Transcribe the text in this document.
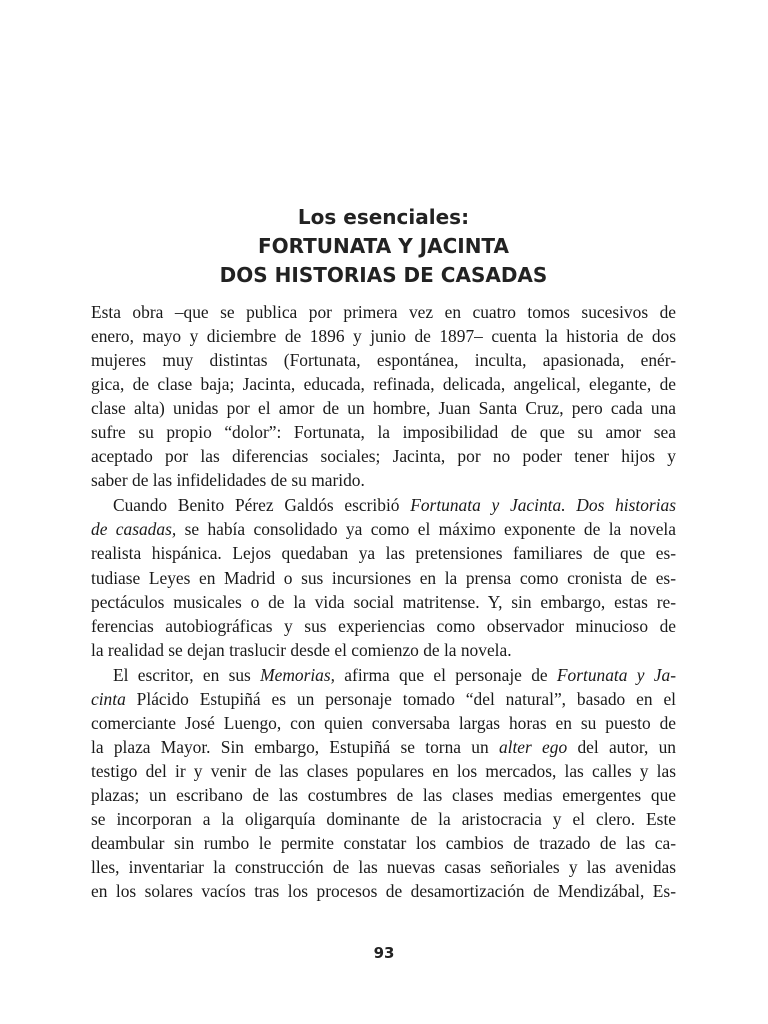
Los esenciales:
FORTUNATA Y JACINTA
DOS HISTORIAS DE CASADAS

Esta obra –que se publica por primera vez en cuatro tomos sucesivos de
enero, mayo y diciembre de 1896 y junio de 1897– cuenta la historia de dos
mujeres muy distintas (Fortunata, espontánea, inculta, apasionada, enér-
gica, de clase baja; Jacinta, educada, refinada, delicada, angelical, elegante, de
clase alta) unidas por el amor de un hombre, Juan Santa Cruz, pero cada una
sufre su propio “dolor”: Fortunata, la imposibilidad de que su amor sea
aceptado por las diferencias sociales; Jacinta, por no poder tener hijos y
saber de las infidelidades de su marido.

Cuando Benito Pérez Galdós escribió Fortunata y Jacinta. Dos historias
de casadas, se había consolidado ya como el máximo exponente de la novela
realista hispánica. Lejos quedaban ya las pretensiones familiares de que es-
tudiase Leyes en Madrid o sus incursiones en la prensa como cronista de es-
pectáculos musicales o de la vida social matritense. Y, sin embargo, estas re-
ferencias autobiográficas y sus experiencias como observador minucioso de
la realidad se dejan traslucir desde el comienzo de la novela.

El escritor, en sus Memorias, afirma que el personaje de Fortunata y Ja-
cinta Plácido Estupiñá es un personaje tomado “del natural”, basado en el
comerciante José Luengo, con quien conversaba largas horas en su puesto de
la plaza Mayor. Sin embargo, Estupiñá se torna un alter ego del autor, un
testigo del ir y venir de las clases populares en los mercados, las calles y las
plazas; un escribano de las costumbres de las clases medias emergentes que
se incorporan a la oligarquía dominante de la aristocracia y el clero. Este
deambular sin rumbo le permite constatar los cambios de trazado de las ca-
lles, inventariar la construcción de las nuevas casas señoriales y las avenidas
en los solares vacíos tras los procesos de desamortización de Mendizábal, Es-

93
